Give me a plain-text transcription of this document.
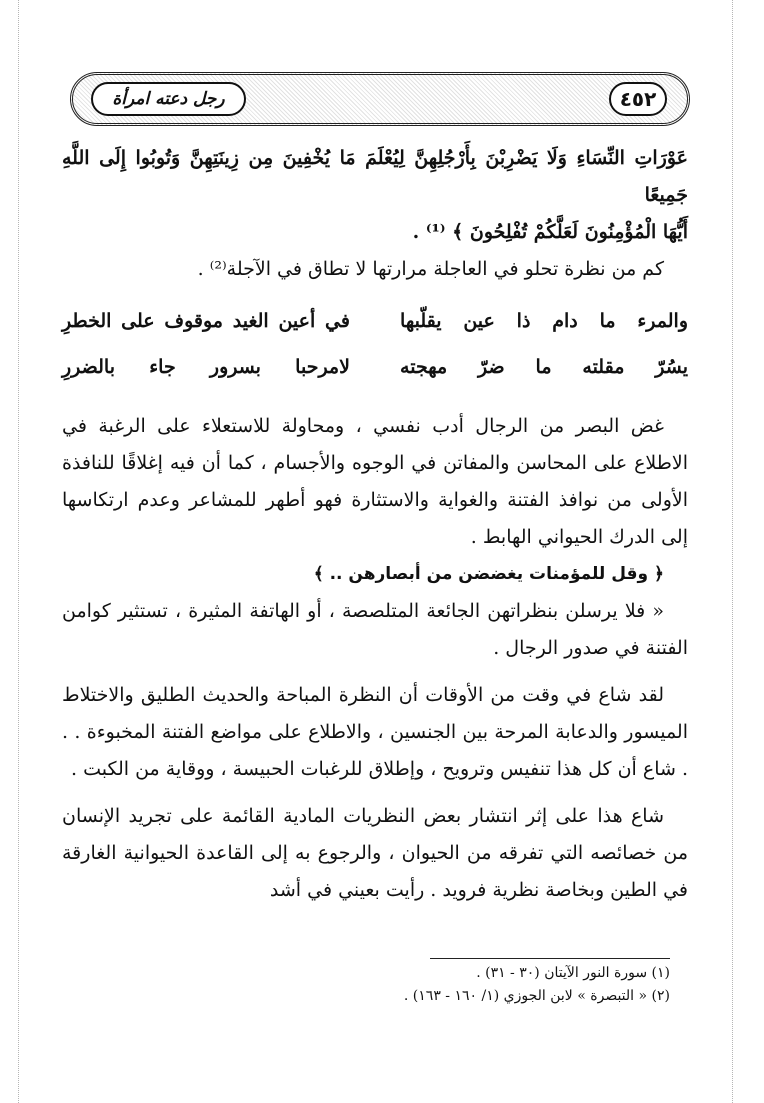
رجل دعته امرأة	٤٥٢

عَوْرَاتِ النِّسَاءِ وَلَا يَضْرِبْنَ بِأَرْجُلِهِنَّ لِيُعْلَمَ مَا يُخْفِينَ مِن زِينَتِهِنَّ وَتُوبُوا إِلَى اللَّهِ جَمِيعًا

أَيُّهَا الْمُؤْمِنُونَ لَعَلَّكُمْ تُفْلِحُونَ ﴾ ⁽¹⁾ .

كم من نظرة تحلو في العاجلة مرارتها لا تطاق في الآجلة⁽²⁾ .

والمرء ما دام ذا عين يقلّبها
في أعين الغيد موقوف على الخطرِ
يسُرّ مقلته ما ضرّ مهجته
لامرحبا بسرور جاء بالضررِ

غض البصر من الرجال أدب نفسي ، ومحاولة للاستعلاء على الرغبة في الاطلاع على المحاسن والمفاتن في الوجوه والأجسام ، كما أن فيه إغلاقًا للنافذة الأولى من نوافذ الفتنة والغواية والاستثارة فهو أطهر للمشاعر وعدم ارتكاسها إلى الدرك الحيواني الهابط .

﴿ وقل للمؤمنات يغضضن من أبصارهن .. ﴾

« فلا يرسلن بنظراتهن الجائعة المتلصصة ، أو الهاتفة المثيرة ، تستثير كوامن الفتنة في صدور الرجال .

لقد شاع في وقت من الأوقات أن النظرة المباحة والحديث الطليق والاختلاط الميسور والدعابة المرحة بين الجنسين ، والاطلاع على مواضع الفتنة المخبوءة . . . شاع أن كل هذا تنفيس وترويح ، وإطلاق للرغبات الحبيسة ، ووقاية من الكبت .

شاع هذا على إثر انتشار بعض النظريات المادية القائمة على تجريد الإنسان من خصائصه التي تفرقه من الحيوان ، والرجوع به إلى القاعدة الحيوانية الغارقة في الطين وبخاصة نظرية فرويد . رأيت بعيني في أشد

(١) سورة النور الآيتان (٣٠ - ٣١) .

(٢) « التبصرة » لابن الجوزي (١/ ١٦٠ - ١٦٣) .
